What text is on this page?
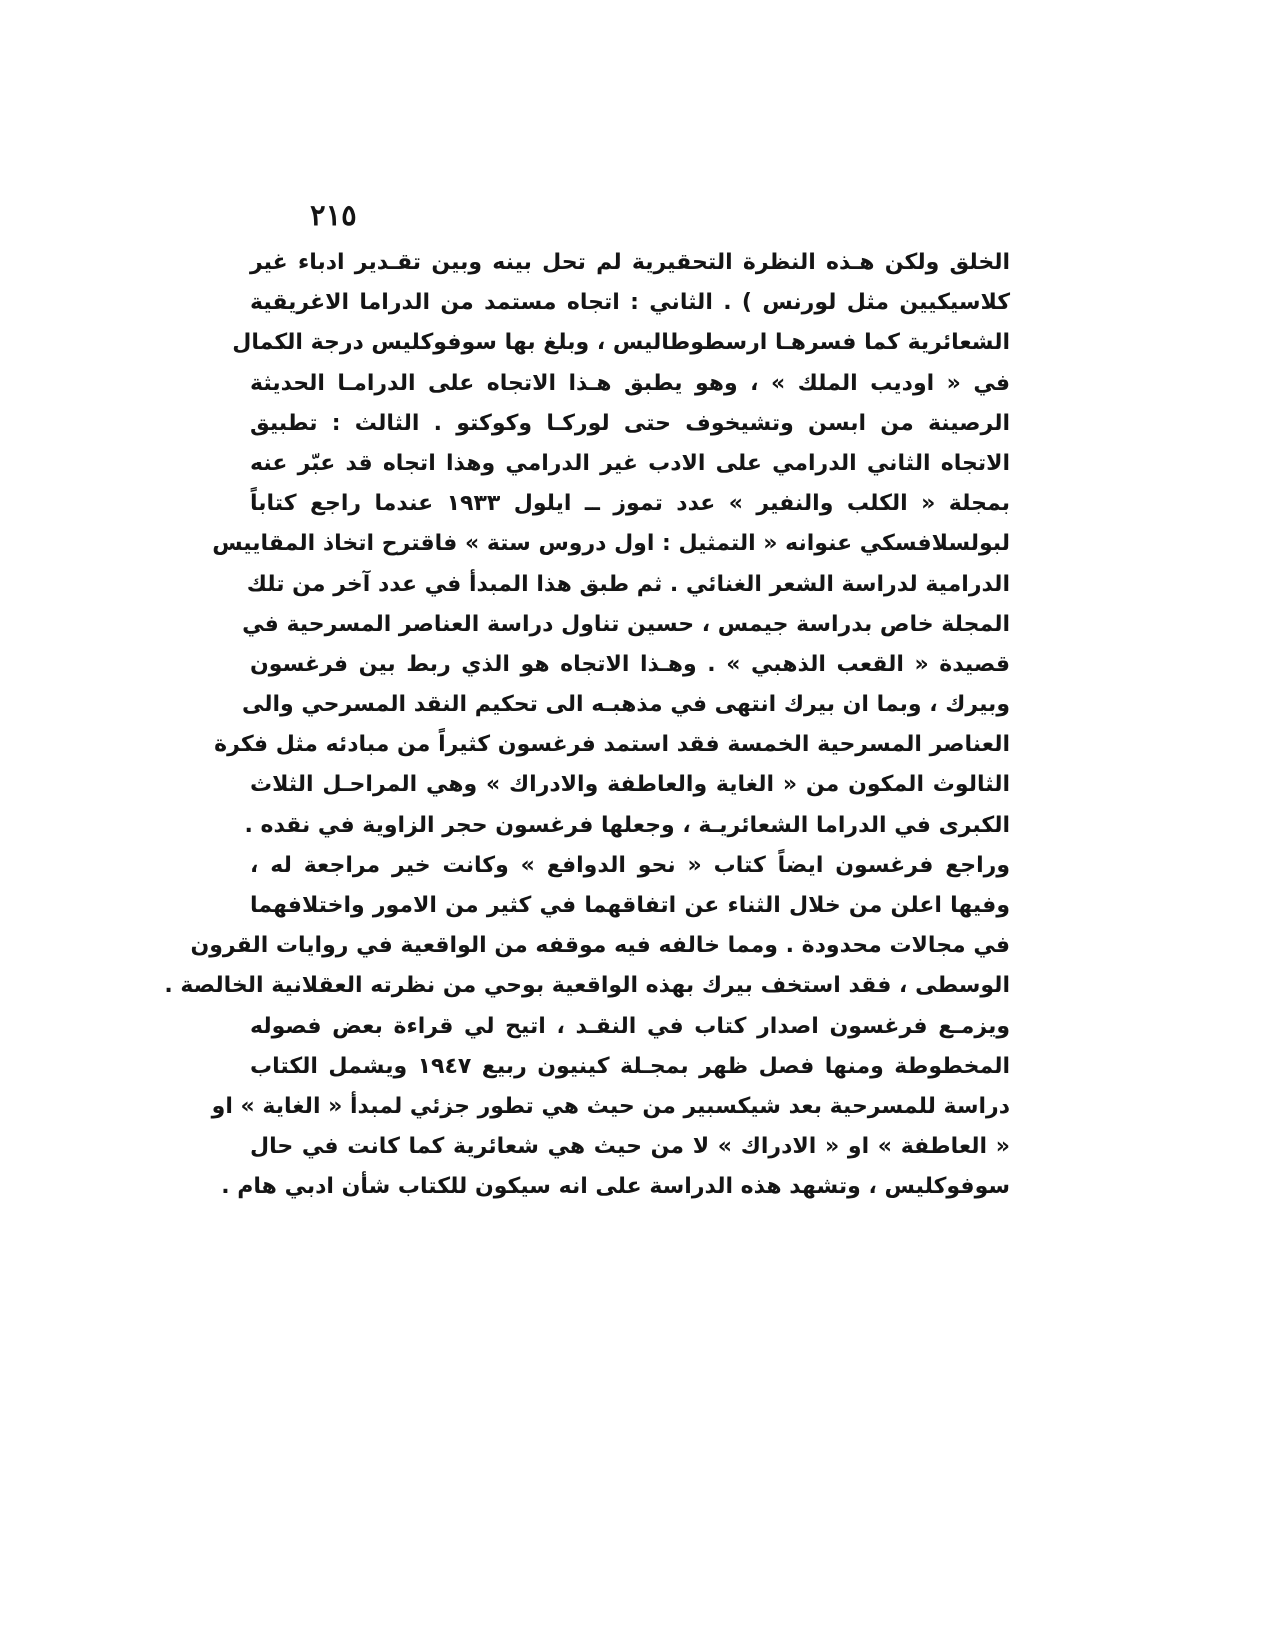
٢١٥
الخلق ولكن هـذه النظرة التحقيرية لم تحل بينه وبين تقـدير ادباء غير
كلاسيكيين مثل لورنس ) . الثاني : اتجاه مستمد من الدراما الاغريقية
الشعائرية كما فسرهـا ارسطوطاليس ، وبلغ بها سوفوكليس درجة الكمال
في « اوديب الملك » ، وهو يطبق هـذا الاتجاه على الدرامـا الحديثة
الرصينة من ابسن وتشيخوف حتى لوركـا وكوكتو . الثالث : تطبيق
الاتجاه الثاني الدرامي على الادب غير الدرامي وهذا اتجاه قد عبّر عنه
بمجلة « الكلب والنفير » عدد تموز ــ ايلول ١٩٣٣ عندما راجع كتاباً
لبولسلافسكي عنوانه « التمثيل : اول دروس ستة » فاقترح اتخاذ المقاييس
الدرامية لدراسة الشعر الغنائي . ثم طبق هذا المبدأ في عدد آخر من تلك
المجلة خاص بدراسة جيمس ، حسين تناول دراسة العناصر المسرحية في
قصيدة « القعب الذهبي » . وهـذا الاتجاه هو الذي ربط بين فرغسون
وبيرك ، وبما ان بيرك انتهى في مذهبـه الى تحكيم النقد المسرحي والى
العناصر المسرحية الخمسة فقد استمد فرغسون كثيراً من مبادئه مثل فكرة
الثالوث المكون من « الغاية والعاطفة والادراك » وهي المراحـل الثلاث
الكبرى في الدراما الشعائريـة ، وجعلها فرغسون حجر الزاوية في نقده .
وراجع فرغسون ايضاً كتاب « نحو الدوافع » وكانت خير مراجعة له ،
وفيها اعلن من خلال الثناء عن اتفاقهما في كثير من الامور واختلافهما
في مجالات محدودة . ومما خالفه فيه موقفه من الواقعية في روايات القرون
الوسطى ، فقد استخف بيرك بهذه الواقعية بوحي من نظرته العقلانية الخالصة .
ويزمـع فرغسون اصدار كتاب في النقـد ، اتيح لي قراءة بعض فصوله
المخطوطة ومنها فصل ظهر بمجـلة كينيون ربيع ١٩٤٧ ويشمل الكتاب
دراسة للمسرحية بعد شيكسبير من حيث هي تطور جزئي لمبدأ « الغاية » او
« العاطفة » او « الادراك » لا من حيث هي شعائرية كما كانت في حال
سوفوكليس ، وتشهد هذه الدراسة على انه سيكون للكتاب شأن ادبي هام .
